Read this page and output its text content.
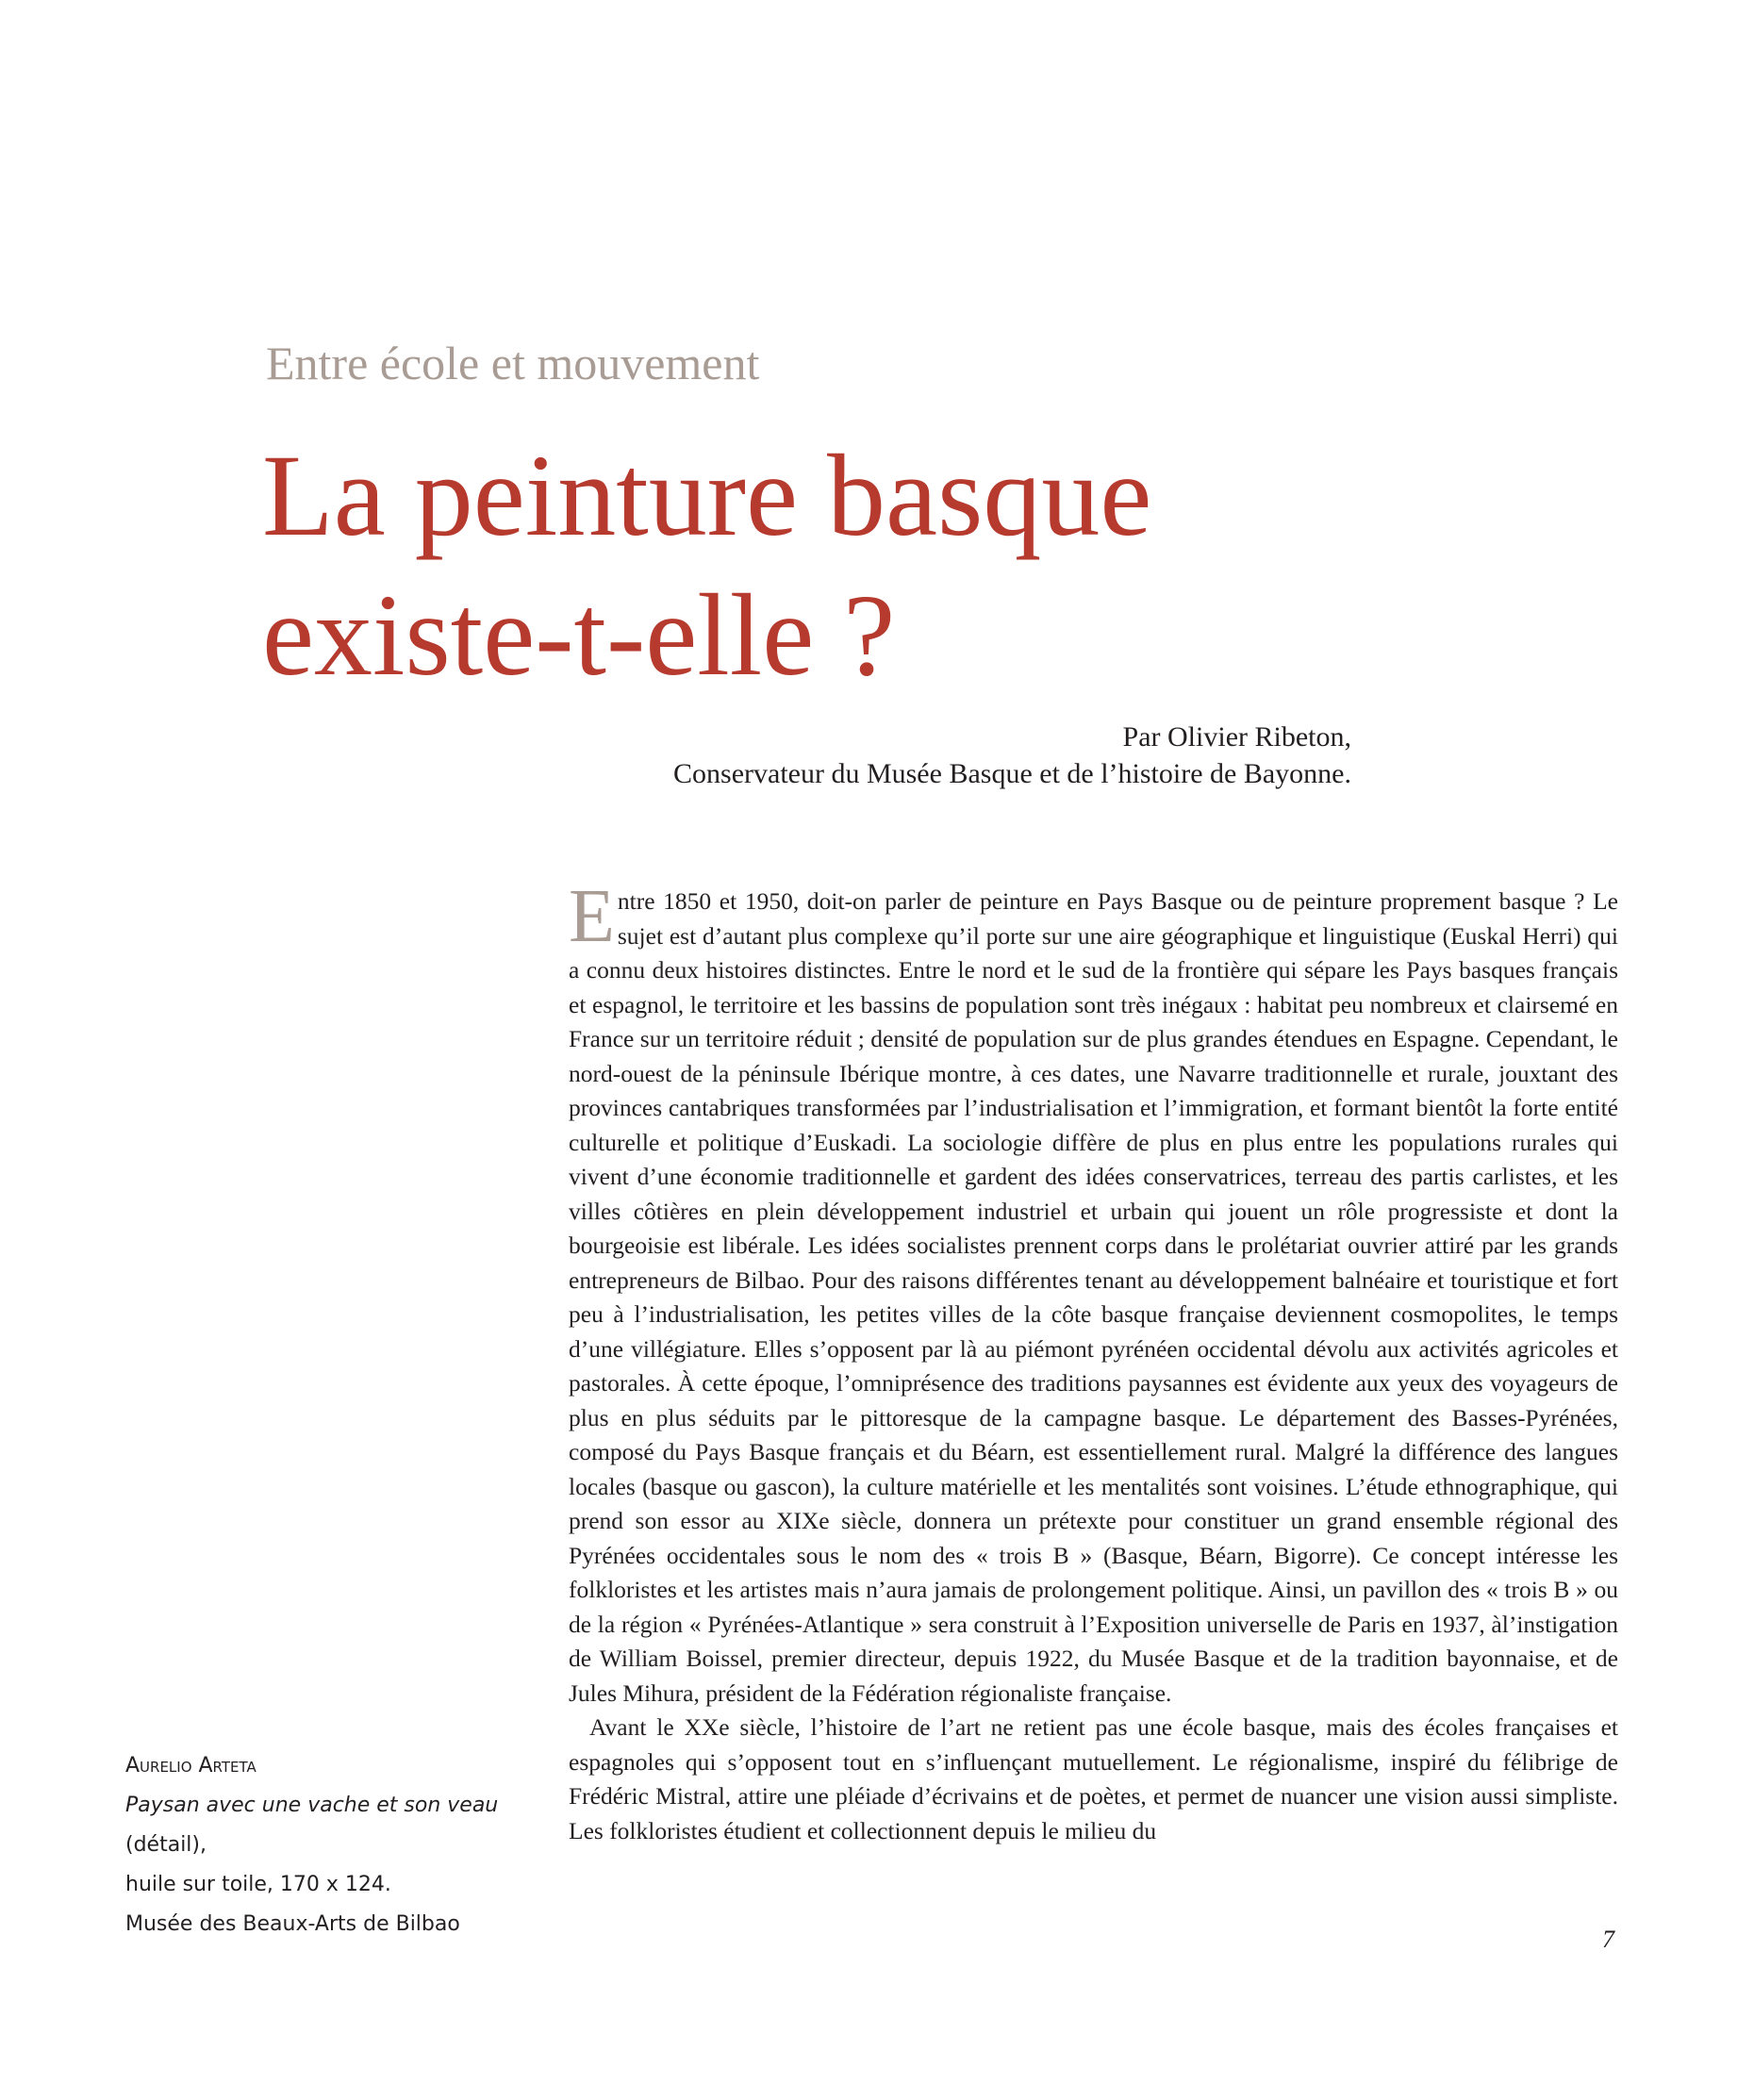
Entre école et mouvement
La peinture basque
existe-t-elle ?
Par Olivier Ribeton,
Conservateur du Musée Basque et de l’histoire de Bayonne.

Entre 1850 et 1950, doit-on parler de peinture en Pays Basque ou de peinture proprement basque ? Le sujet est d’autant plus complexe qu’il porte sur une aire géographique et linguistique (Euskal Herri) qui a connu deux histoires distinctes. Entre le nord et le sud de la frontière qui sépare les Pays basques français et espagnol, le territoire et les bassins de population sont très inégaux : habitat peu nombreux et clairsemé en France sur un territoire réduit ; densité de population sur de plus grandes étendues en Espagne. Cependant, le nord-ouest de la péninsule Ibérique montre, à ces dates, une Navarre traditionnelle et rurale, jouxtant des provinces cantabriques transformées par l’industrialisation et l’immigration, et formant bientôt la forte entité culturelle et politique d’Euskadi. La sociologie diffère de plus en plus entre les populations rurales qui vivent d’une économie traditionnelle et gardent des idées conservatrices, terreau des partis carlistes, et les villes côtières en plein développement industriel et urbain qui jouent un rôle progressiste et dont la bourgeoisie est libérale. Les idées socialistes prennent corps dans le prolétariat ouvrier attiré par les grands entrepreneurs de Bilbao. Pour des raisons différentes tenant au développement balnéaire et touristique et fort peu à l’industrialisation, les petites villes de la côte basque française deviennent cosmopolites, le temps d’une villégiature. Elles s’opposent par là au piémont pyrénéen occidental dévolu aux activités agricoles et pastorales. À cette époque, l’omniprésence des traditions paysannes est évidente aux yeux des voyageurs de plus en plus séduits par le pittoresque de la campagne basque. Le département des Basses-Pyrénées, composé du Pays Basque français et du Béarn, est essentiellement rural. Malgré la différence des langues locales (basque ou gascon), la culture matérielle et les mentalités sont voisines. L’étude ethnographique, qui prend son essor au XIXe siècle, donnera un prétexte pour constituer un grand ensemble régional des Pyrénées occidentales sous le nom des « trois B » (Basque, Béarn, Bigorre). Ce concept intéresse les folkloristes et les artistes mais n’aura jamais de prolongement politique. Ainsi, un pavillon des « trois B » ou de la région « Pyrénées-Atlantique » sera construit à l’Exposition universelle de Paris en 1937, àl’instigation de William Boissel, premier directeur, depuis 1922, du Musée Basque et de la tradition bayonnaise, et de Jules Mihura, président de la Fédération régionaliste française.

Avant le XXe siècle, l’histoire de l’art ne retient pas une école basque, mais des écoles françaises et espagnoles qui s’opposent tout en s’influençant mutuellement. Le régionalisme, inspiré du félibrige de Frédéric Mistral, attire une pléiade d’écrivains et de poètes, et permet de nuancer une vision aussi simpliste. Les folkloristes étudient et collectionnent depuis le milieu du

Aurelio Arteta
Paysan avec une vache et son veau
(détail),
huile sur toile, 170 x 124.
Musée des Beaux-Arts de Bilbao
7
